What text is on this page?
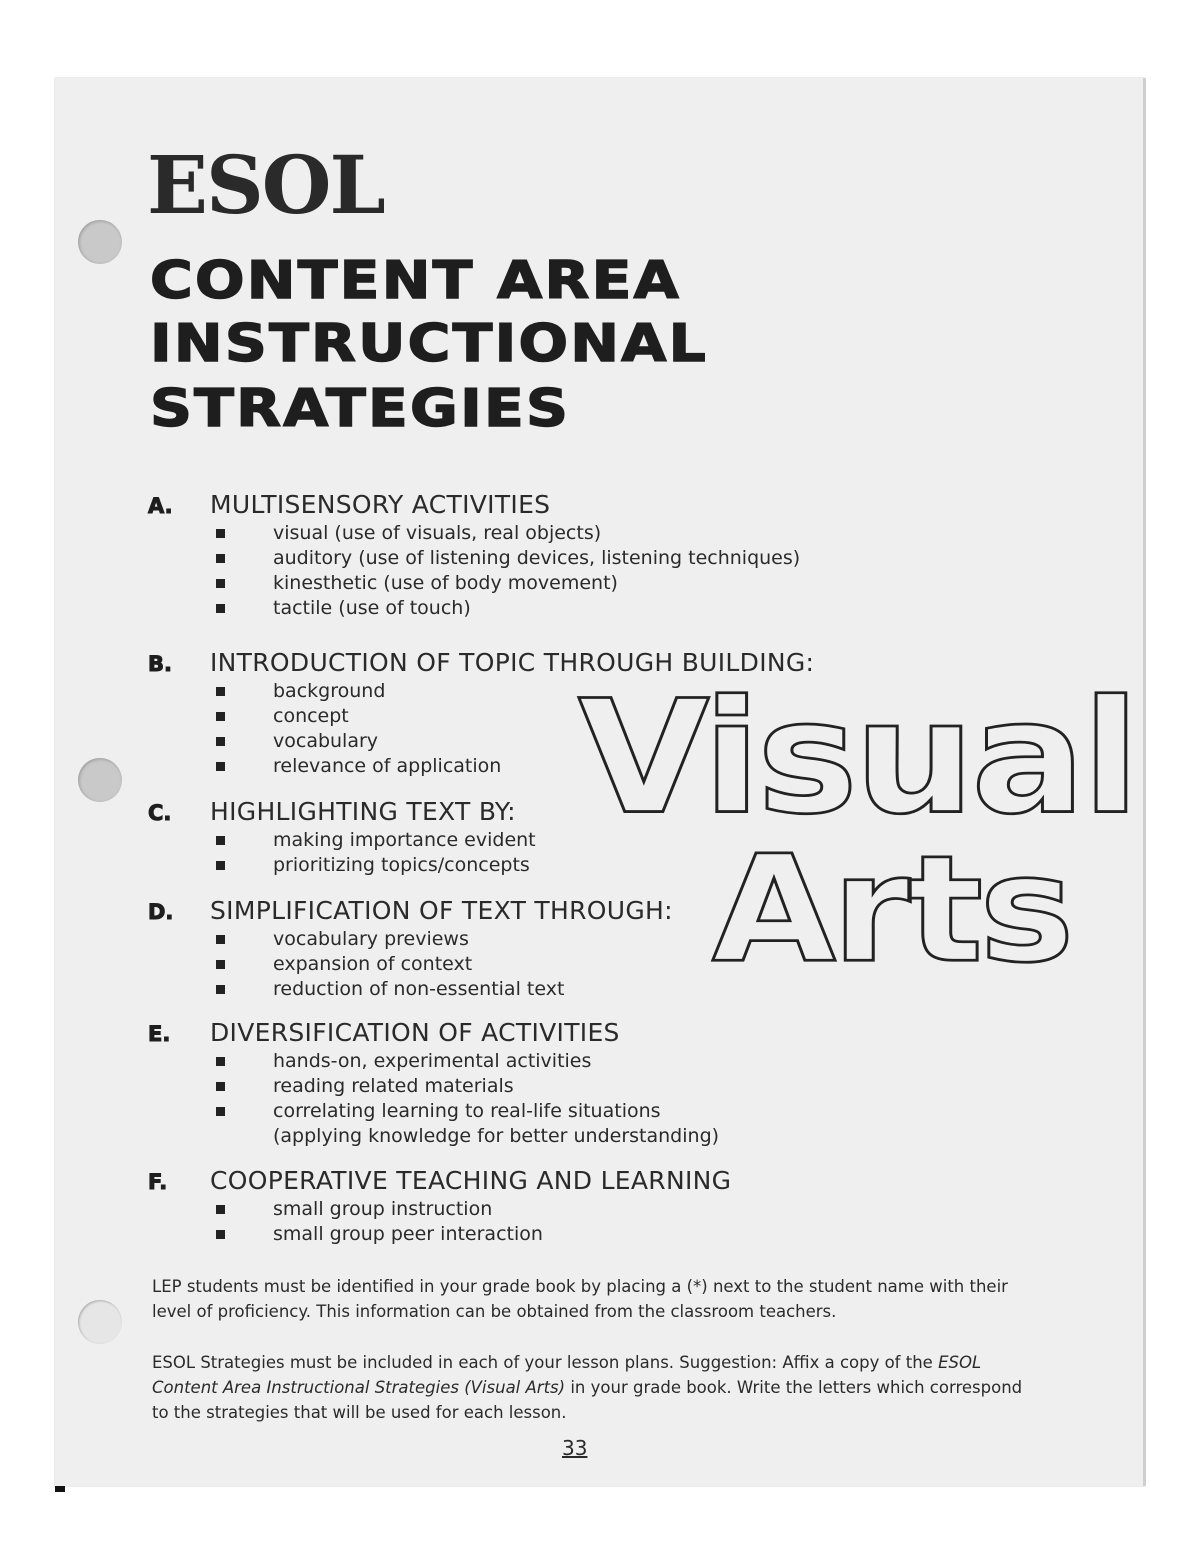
ESOL
CONTENT AREA
INSTRUCTIONAL
STRATEGIES
A.	MULTISENSORY ACTIVITIES
visual (use of visuals, real objects)
auditory (use of listening devices, listening techniques)
kinesthetic (use of body movement)
tactile (use of touch)
B.	INTRODUCTION OF TOPIC THROUGH BUILDING:
background
concept
vocabulary
relevance of application
C.	HIGHLIGHTING TEXT BY:
making importance evident
prioritizing topics/concepts
D.	SIMPLIFICATION OF TEXT THROUGH:
vocabulary previews
expansion of context
reduction of non-essential text
E.	DIVERSIFICATION OF ACTIVITIES
hands-on, experimental activities
reading related materials
correlating learning to real-life situations
(applying knowledge for better understanding)
F.	COOPERATIVE TEACHING AND LEARNING
small group instruction
small group peer interaction
Visual
Arts

LEP students must be identified in your grade book by placing a (*) next to the student name with their level of proficiency. This information can be obtained from the classroom teachers.

ESOL Strategies must be included in each of your lesson plans. Suggestion: Affix a copy of the ESOL Content Area Instructional Strategies (Visual Arts) in your grade book. Write the letters which correspond to the strategies that will be used for each lesson.

33
